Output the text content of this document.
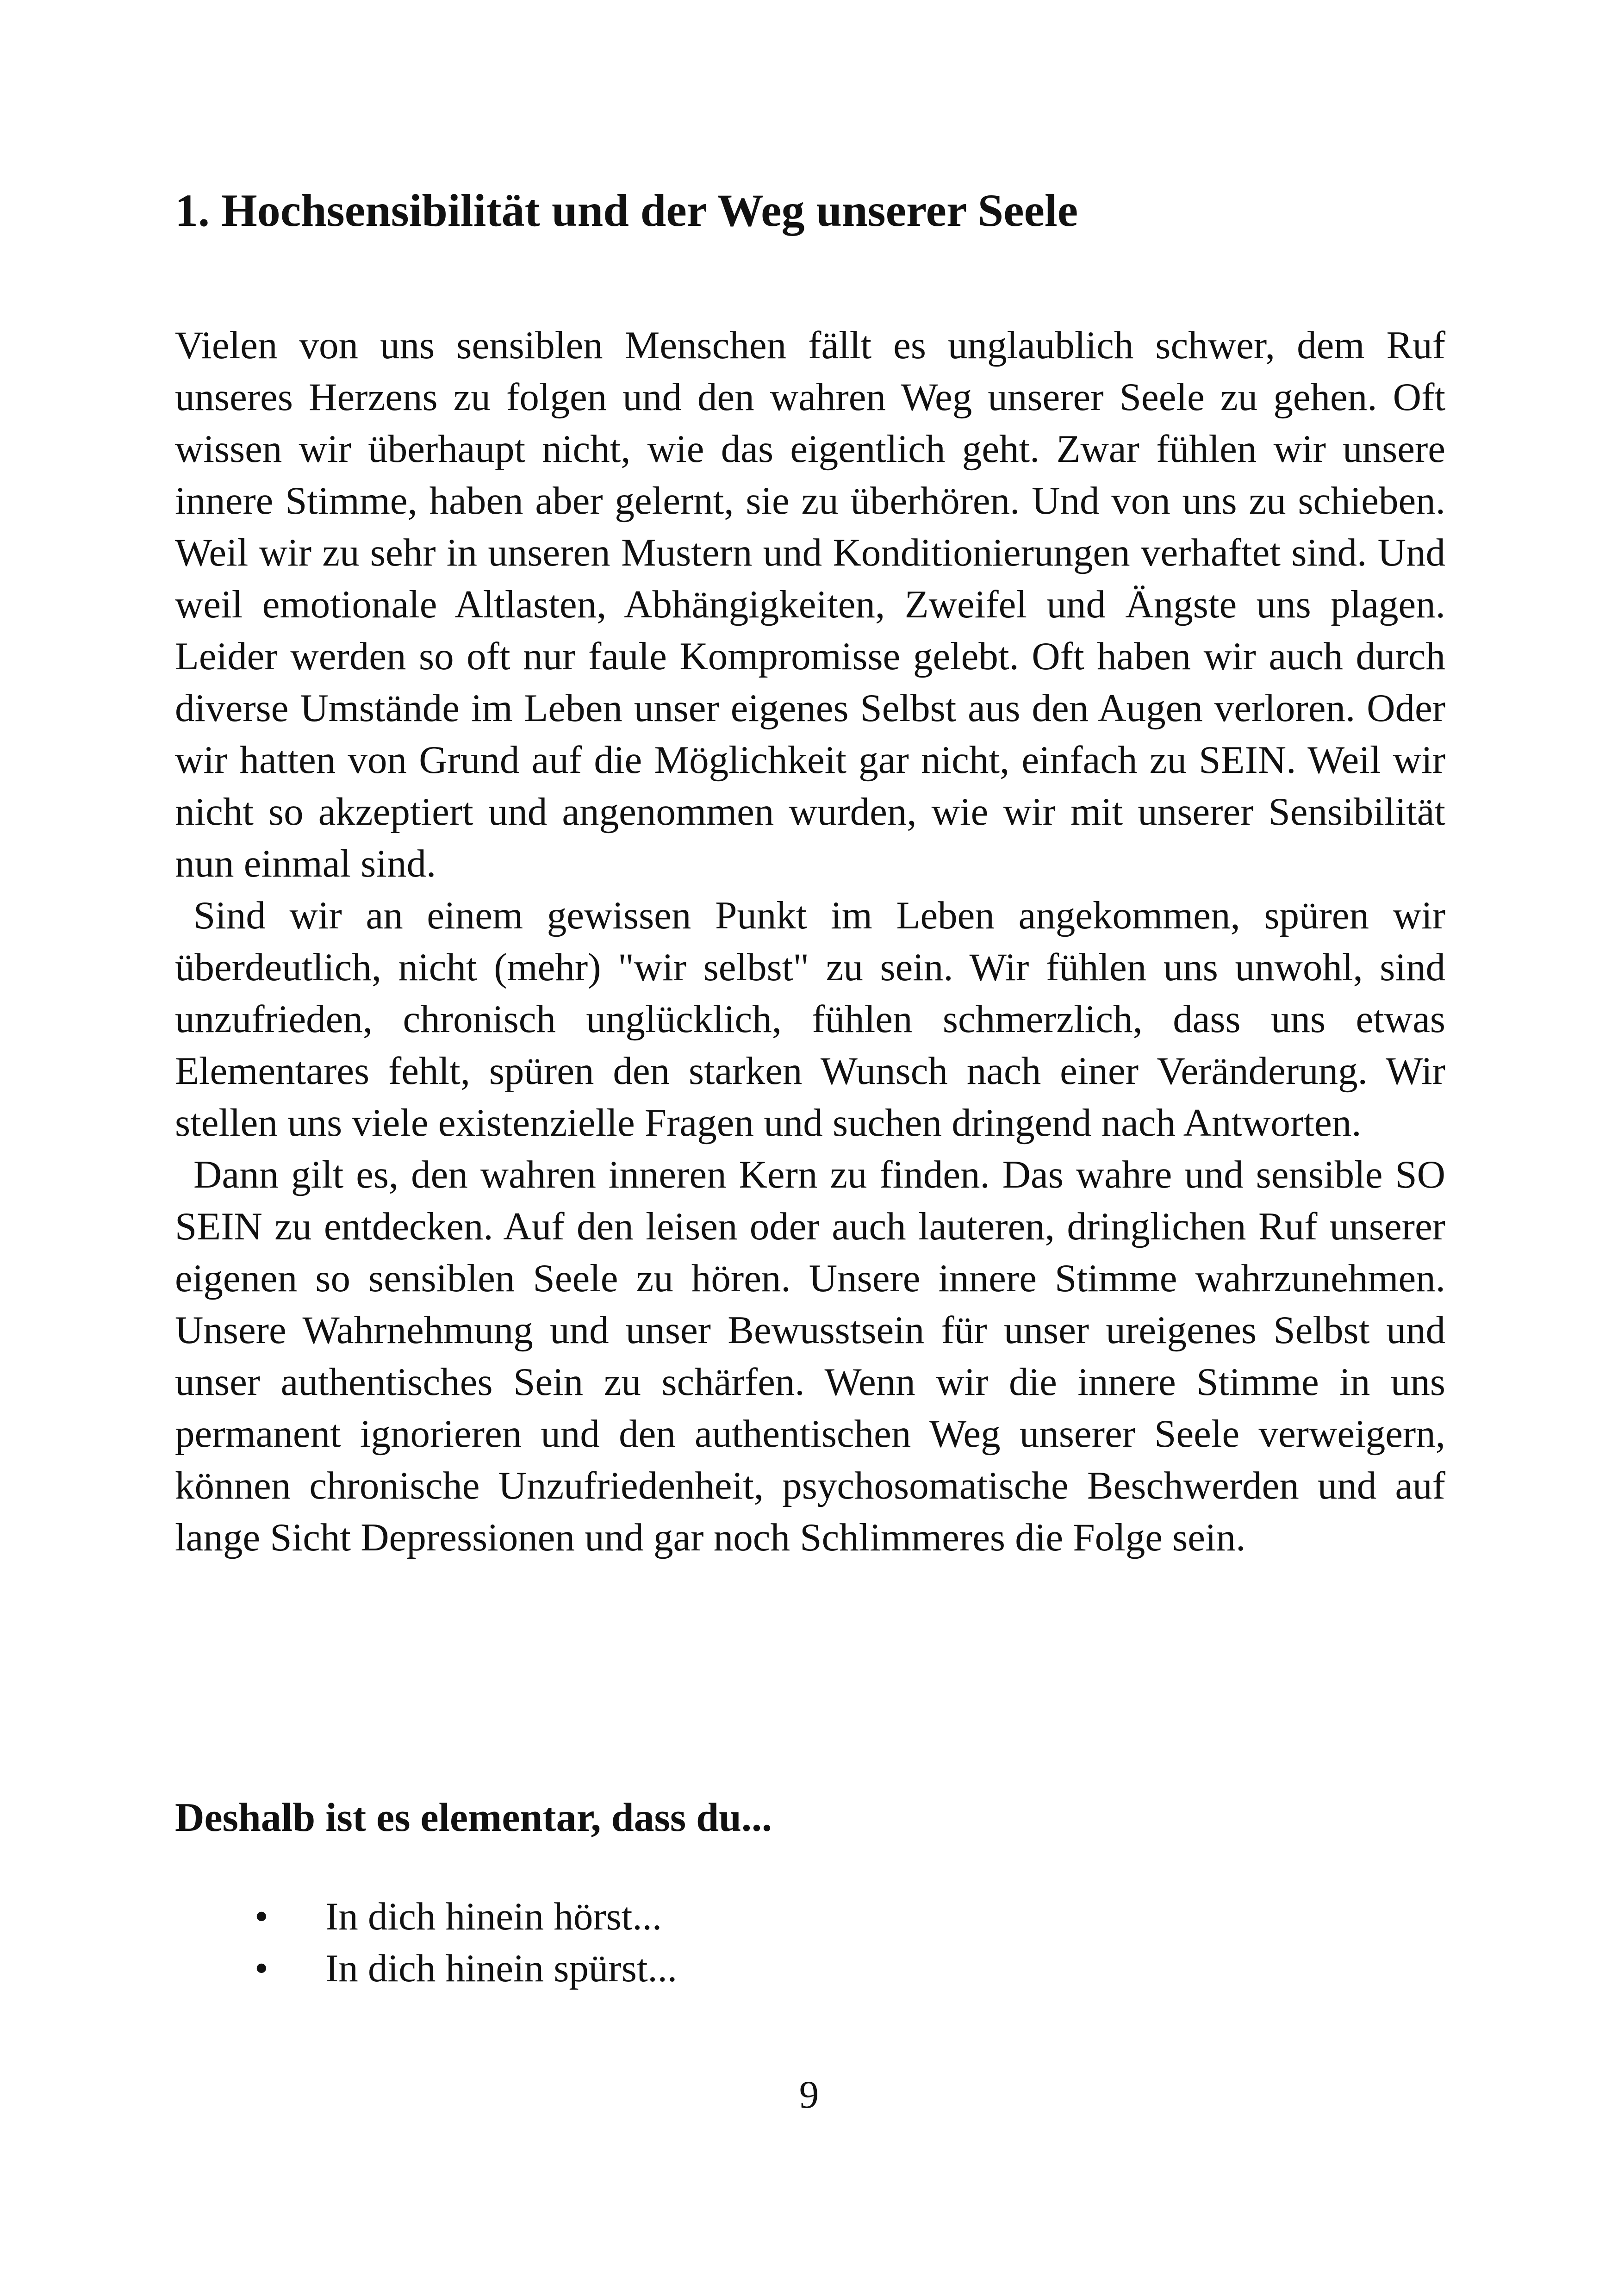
1. Hochsensibilität und der Weg unserer Seele

Vielen von uns sensiblen Menschen fällt es unglaublich schwer, dem Ruf unseres Herzens zu folgen und den wahren Weg unserer Seele zu gehen. Oft wissen wir überhaupt nicht, wie das eigentlich geht. Zwar fühlen wir unsere innere Stimme, haben aber gelernt, sie zu überhören. Und von uns zu schieben. Weil wir zu sehr in unseren Mustern und Konditionierungen verhaftet sind. Und weil emotionale Altlasten, Abhängigkeiten, Zweifel und Ängste uns plagen. Leider werden so oft nur faule Kompromisse gelebt. Oft haben wir auch durch diverse Umstände im Leben unser eigenes Selbst aus den Augen verloren. Oder wir hatten von Grund auf die Möglichkeit gar nicht, einfach zu SEIN. Weil wir nicht so akzeptiert und angenommen wurden, wie wir mit unserer Sensibilität nun einmal sind.

Sind wir an einem gewissen Punkt im Leben angekommen, spüren wir überdeutlich, nicht (mehr) "wir selbst" zu sein. Wir fühlen uns unwohl, sind unzufrieden, chronisch unglücklich, fühlen schmerzlich, dass uns etwas Elementares fehlt, spüren den starken Wunsch nach einer Veränderung. Wir stellen uns viele existenzielle Fragen und suchen dringend nach Antworten.

Dann gilt es, den wahren inneren Kern zu finden. Das wahre und sensible SO SEIN zu entdecken. Auf den leisen oder auch lauteren, dringlichen Ruf unserer eigenen so sensiblen Seele zu hören. Unsere innere Stimme wahrzunehmen. Unsere Wahrnehmung und unser Bewusstsein für unser ureigenes Selbst und unser authentisches Sein zu schärfen. Wenn wir die innere Stimme in uns permanent ignorieren und den authentischen Weg unserer Seele verweigern, können chronische Unzufriedenheit, psychosomatische Beschwerden und auf lange Sicht Depressionen und gar noch Schlimmeres die Folge sein.

Deshalb ist es elementar, dass du...
• In dich hinein hörst...
• In dich hinein spürst...
9
